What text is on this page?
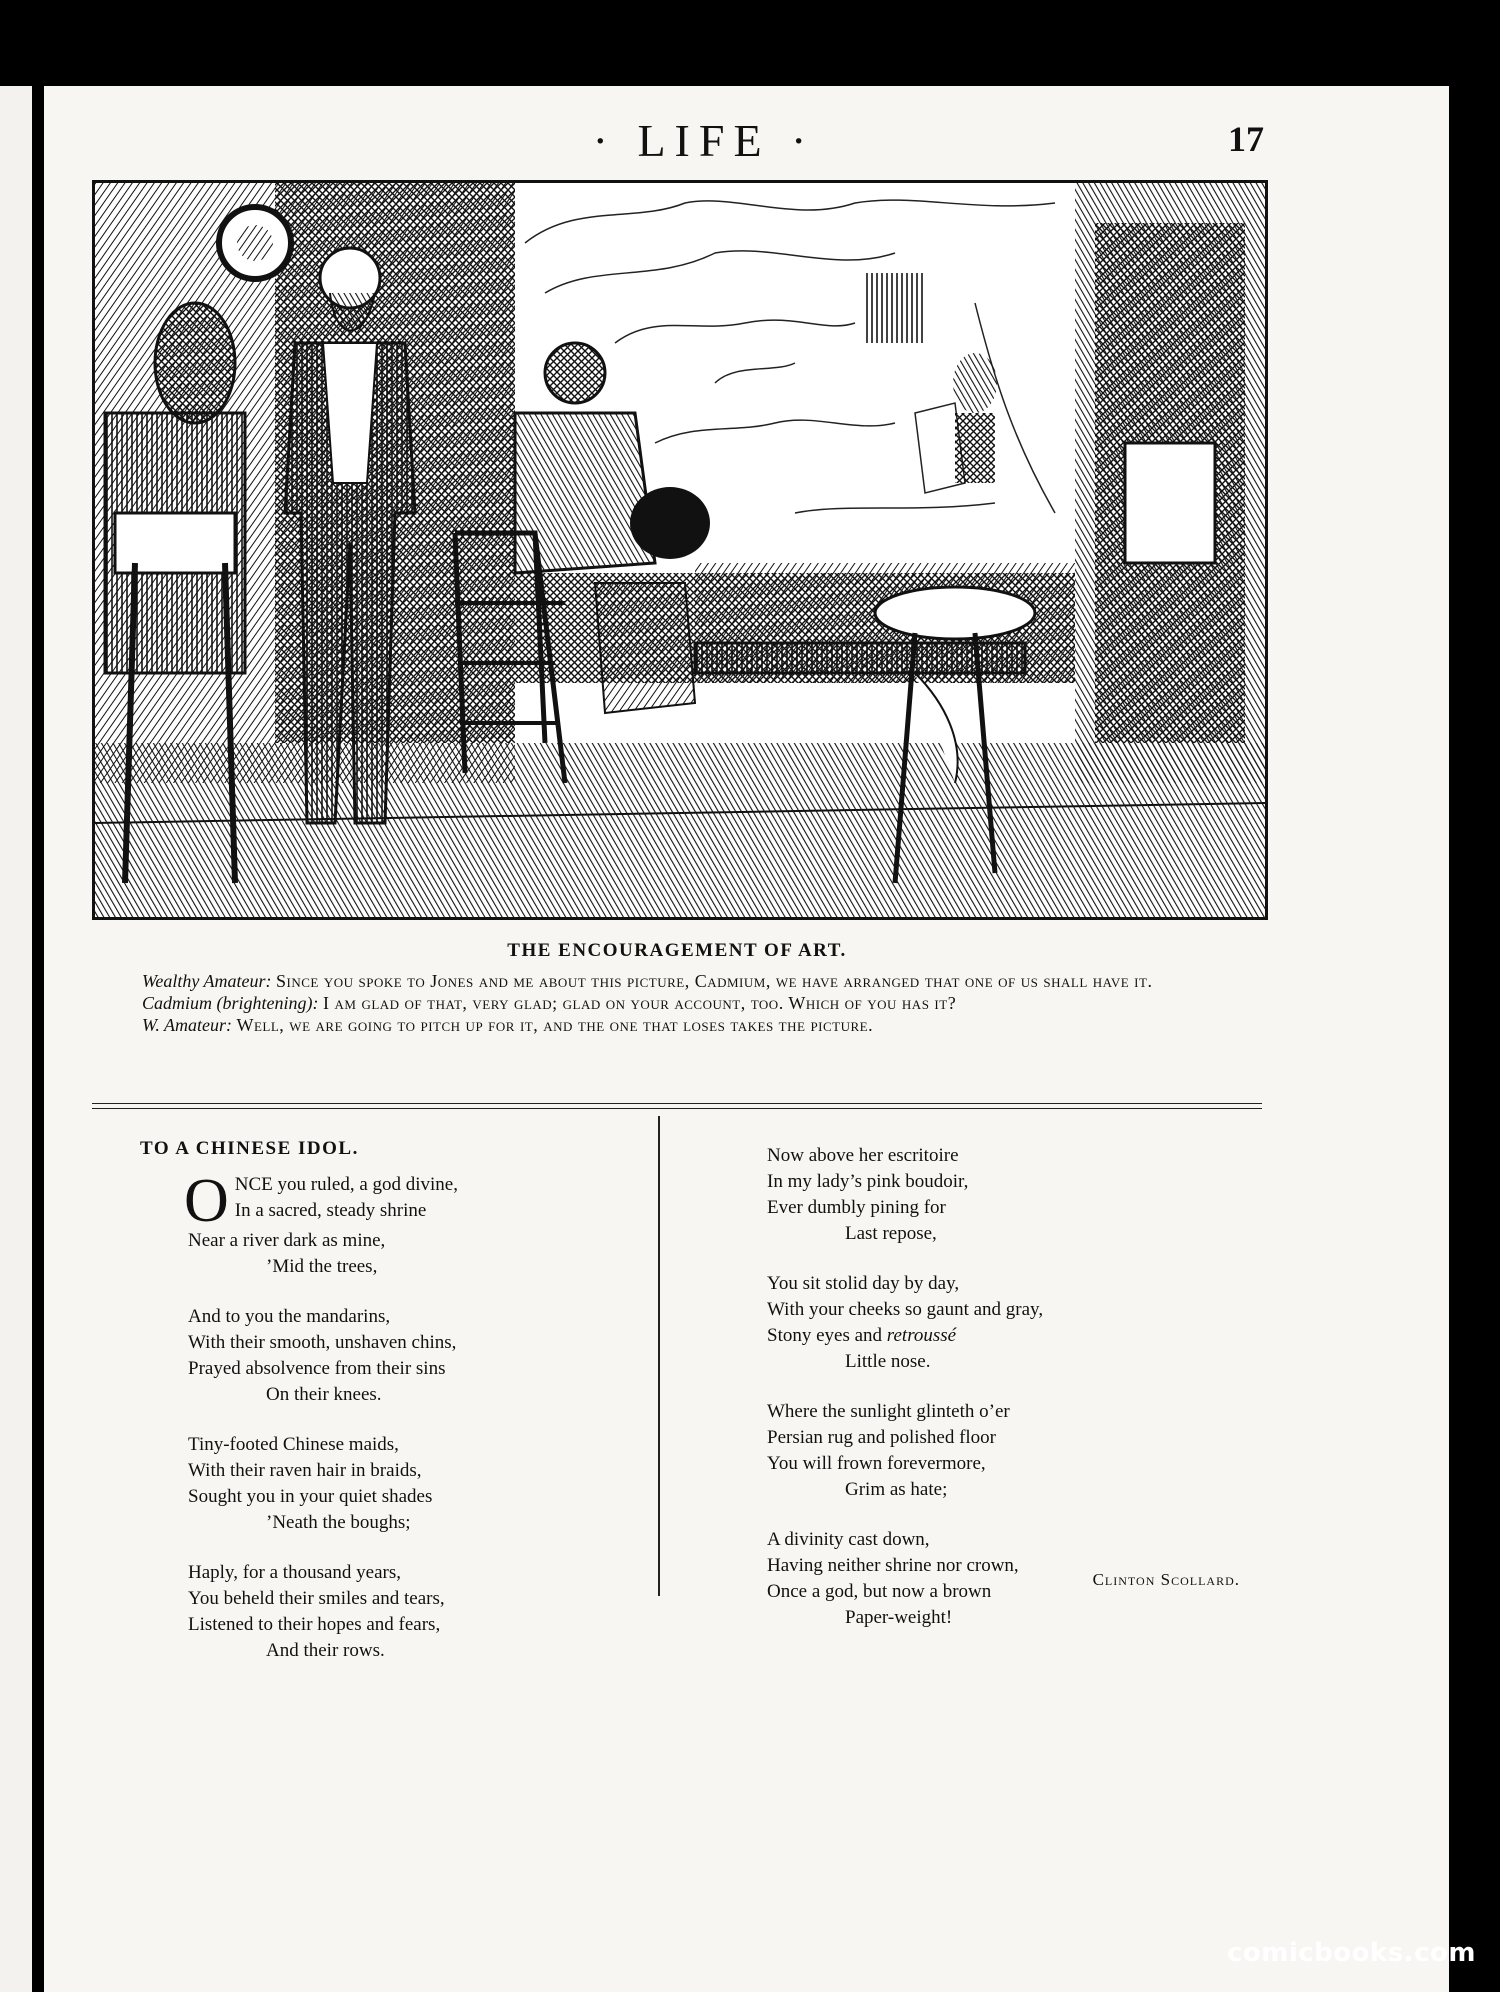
· LIFE ·	17
THE ENCOURAGEMENT OF ART.

Wealthy Amateur: Since you spoke to Jones and me about this picture, Cadmium, we have arranged that one of us shall have it.

Cadmium (brightening): I am glad of that, very glad; glad on your account, too. Which of you has it?

W. Amateur: Well, we are going to pitch up for it, and the one that loses takes the picture.

TO A CHINESE IDOL.
ONCE you ruled, a god divine,
In a sacred, steady shrine
Near a river dark as mine,
’Mid the trees,
And to you the mandarins,
With their smooth, unshaven chins,
Prayed absolvence from their sins
On their knees.
Tiny-footed Chinese maids,
With their raven hair in braids,
Sought you in your quiet shades
’Neath the boughs;
Haply, for a thousand years,
You beheld their smiles and tears,
Listened to their hopes and fears,
And their rows.
Now above her escritoire
In my lady’s pink boudoir,
Ever dumbly pining for
Last repose,
You sit stolid day by day,
With your cheeks so gaunt and gray,
Stony eyes and retroussé
Little nose.
Where the sunlight glinteth o’er
Persian rug and polished floor
You will frown forevermore,
Grim as hate;
A divinity cast down,
Having neither shrine nor crown,
Once a god, but now a brown
Paper-weight!
Clinton Scollard.
comicbooks.com
